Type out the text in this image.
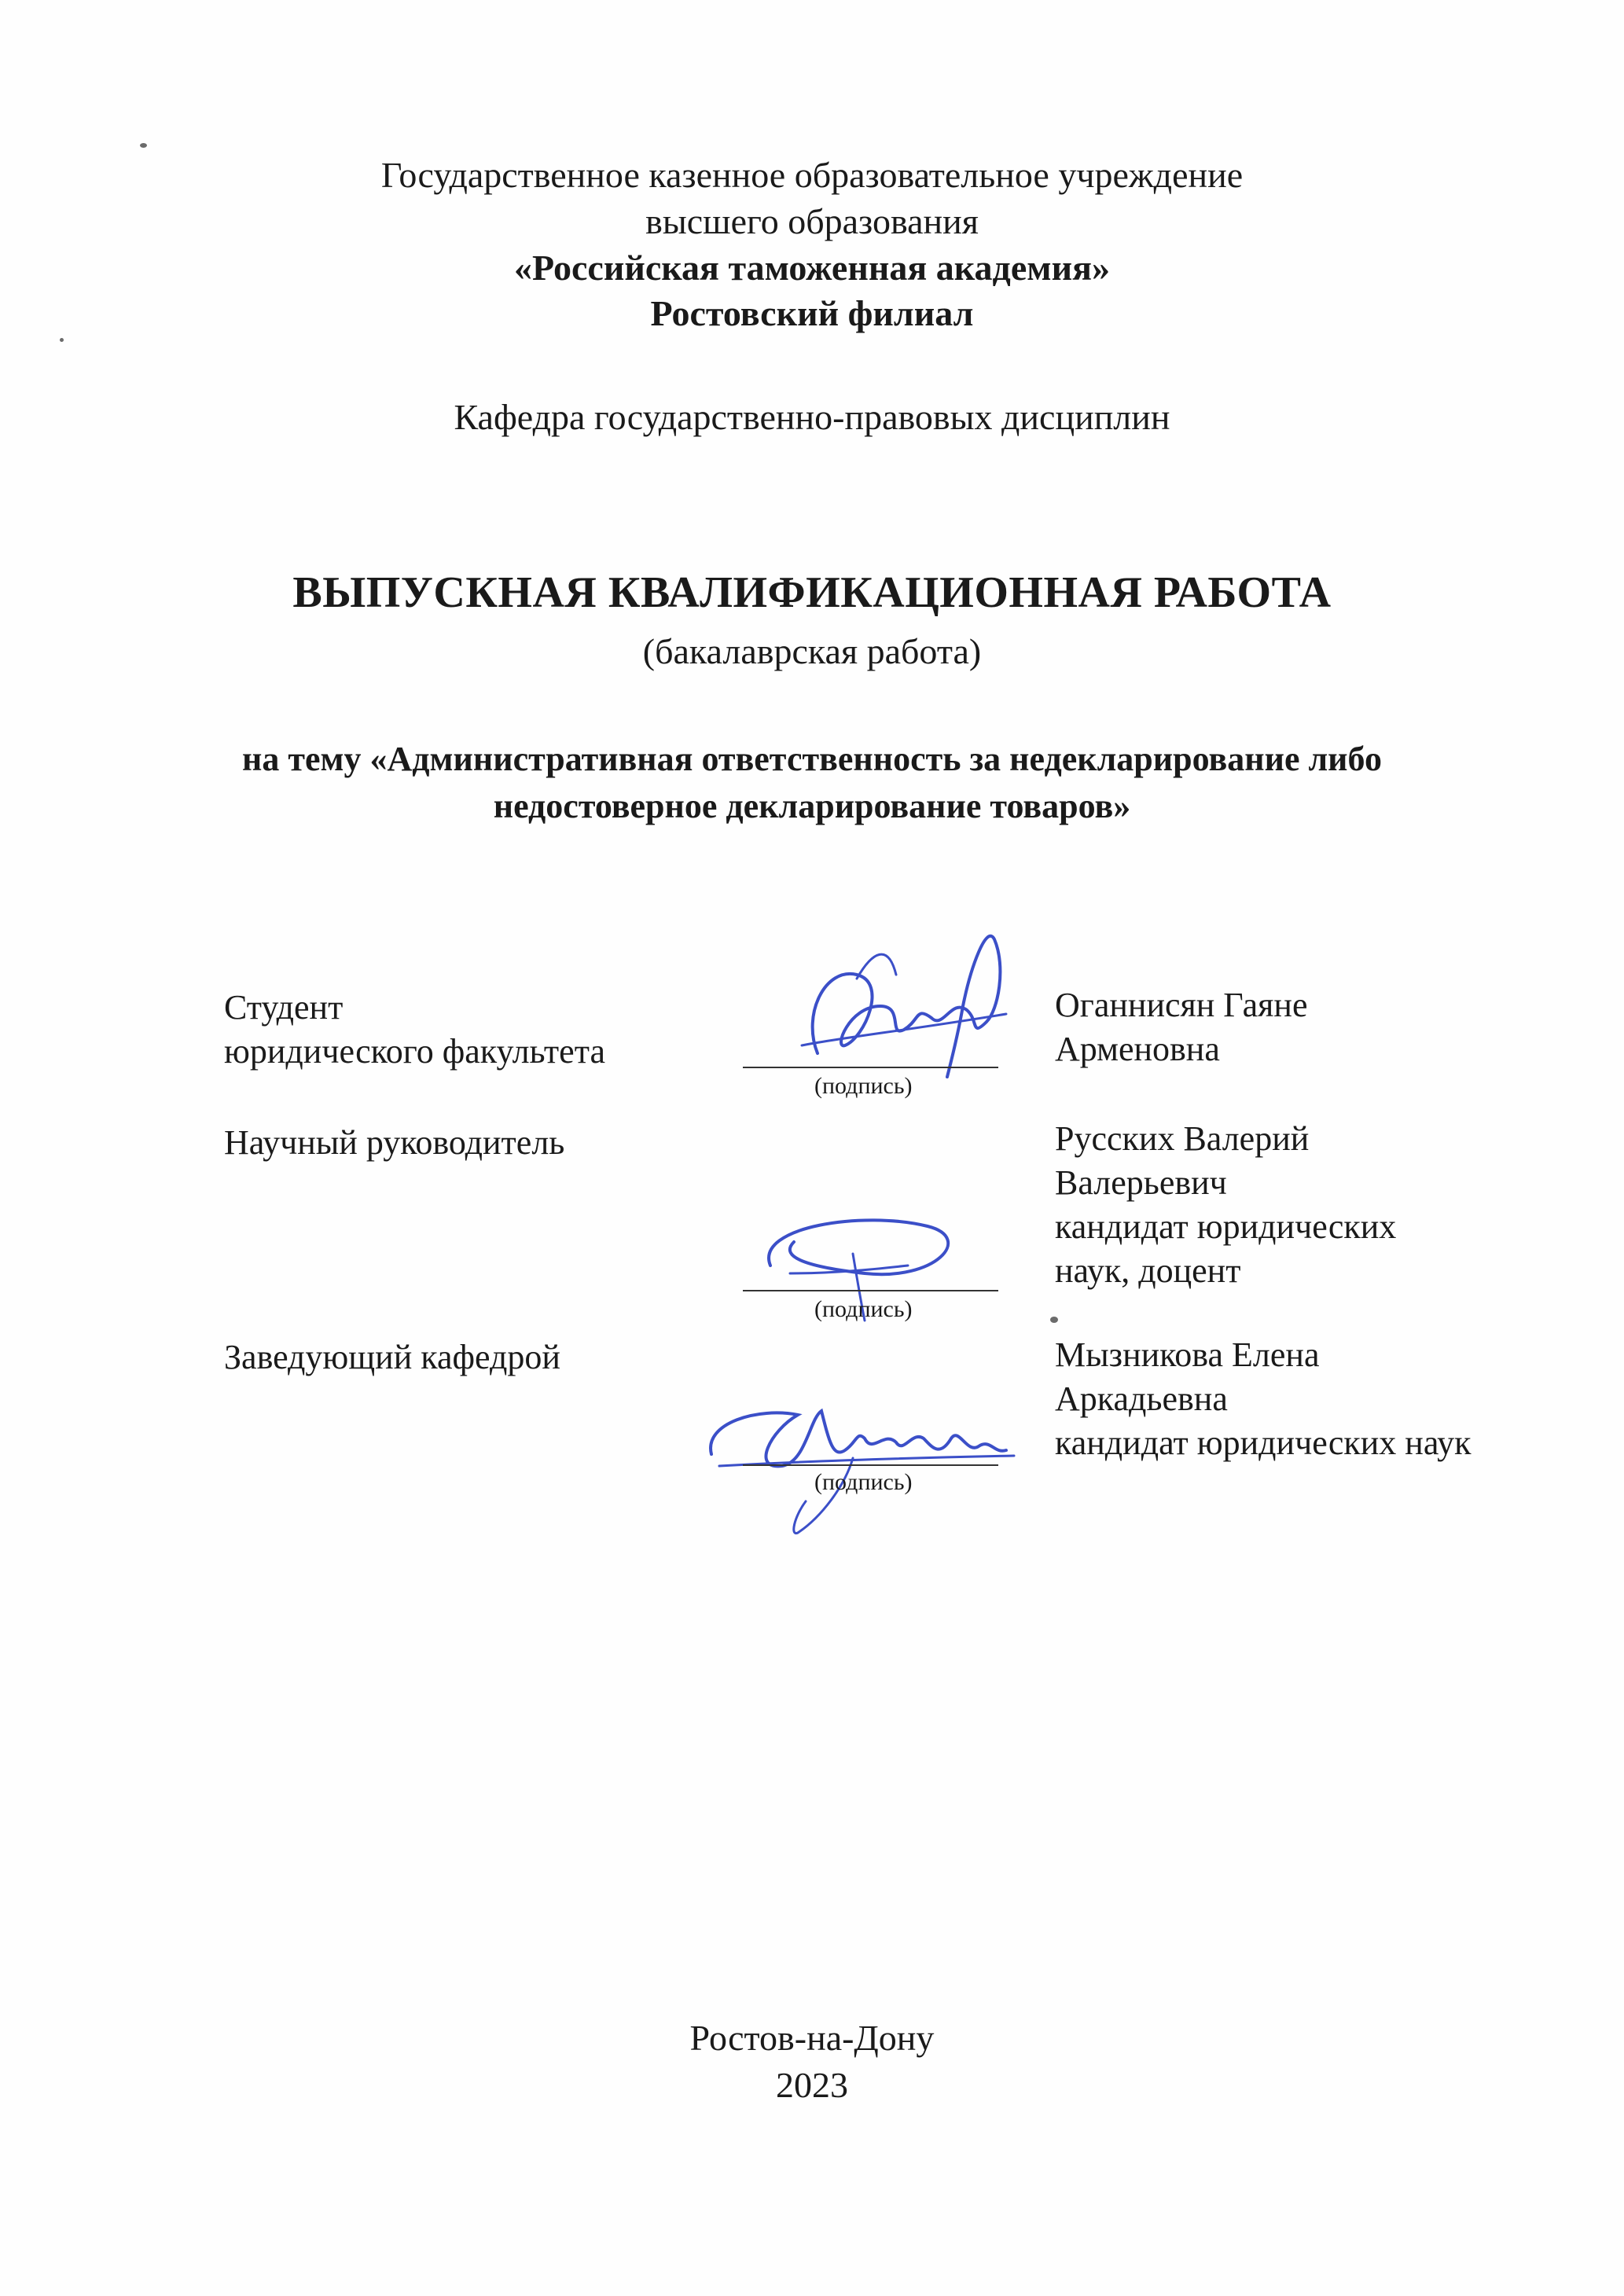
Государственное казенное образовательное учреждение
высшего образования
«Российская таможенная академия»
Ростовский филиал
Кафедра государственно-правовых дисциплин
ВЫПУСКНАЯ КВАЛИФИКАЦИОННАЯ РАБОТА
(бакалаврская работа)
на тему «Административная ответственность за недекларирование либо
недостоверное декларирование товаров»
Студент
юридического факультета
(подпись)
Оганнисян Гаяне
Арменовна
Научный руководитель
(подпись)
Русских Валерий
Валерьевич
кандидат юридических
наук, доцент
Заведующий кафедрой
(подпись)
Мызникова Елена
Аркадьевна
кандидат юридических наук
Ростов-на-Дону
2023
